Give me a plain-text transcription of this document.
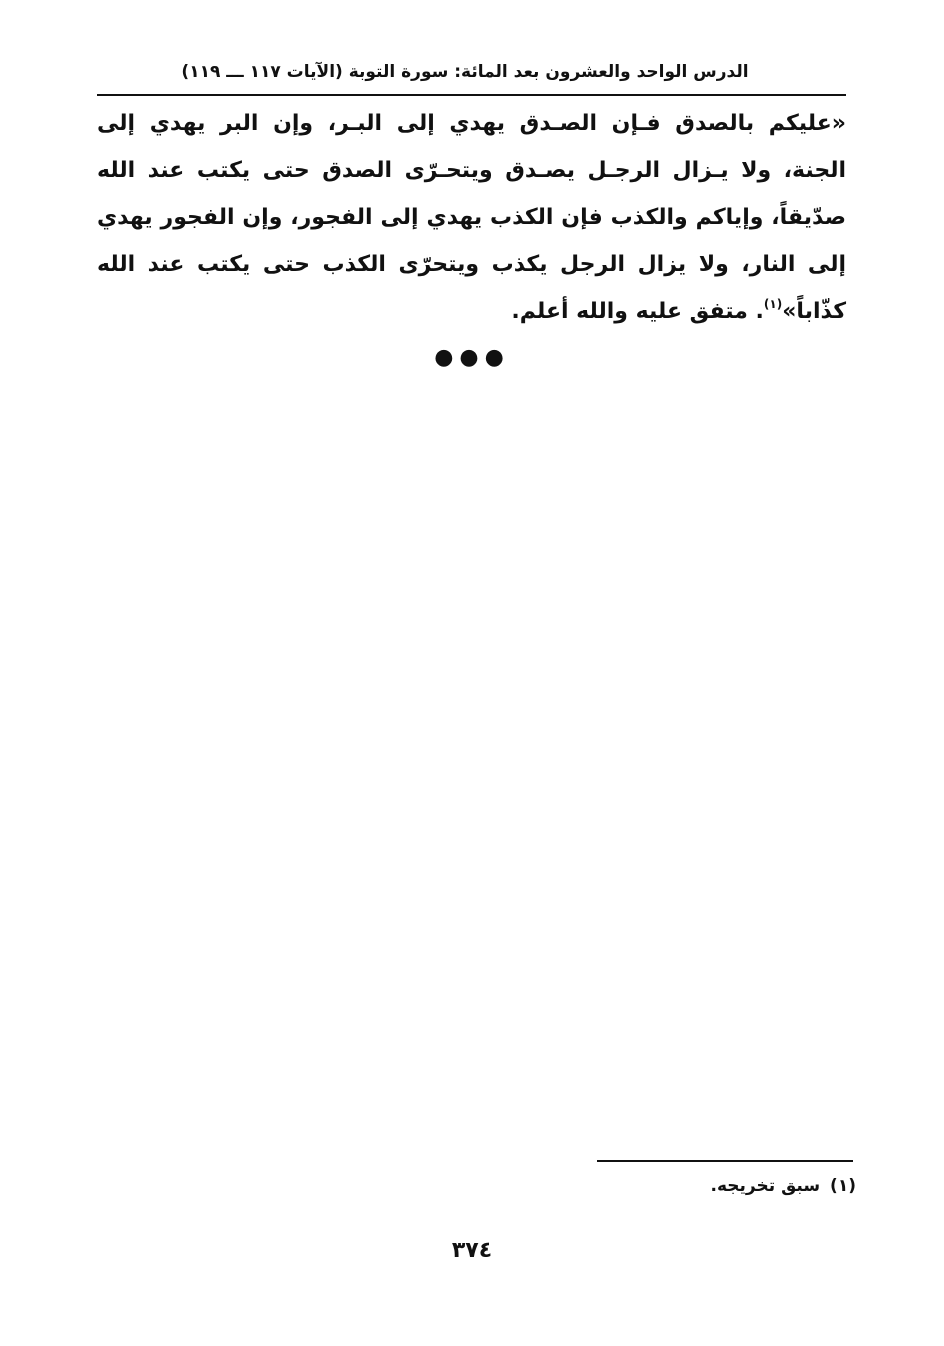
الدرس الواحد والعشرون بعد المائة: سورة التوبة (الآيات ١١٧ ـــ ١١٩)

«عليكم بالصدق فـإن الصـدق يهدي إلى البـر، وإن البر يهدي إلى الجنة، ولا يـزال الرجـل يصـدق ويتحـرّى الصدق حتى يكتب عند الله صدّيقاً، وإياكم والكذب فإن الكذب يهدي إلى الفجور، وإن الفجور يهدي إلى النار، ولا يزال الرجل يكذب ويتحرّى الكذب حتى يكتب عند الله كذّاباً»$^{(١)}$. متفق عليه والله أعلم.

●●●
(١)سبق تخريجه.
٣٧٤
